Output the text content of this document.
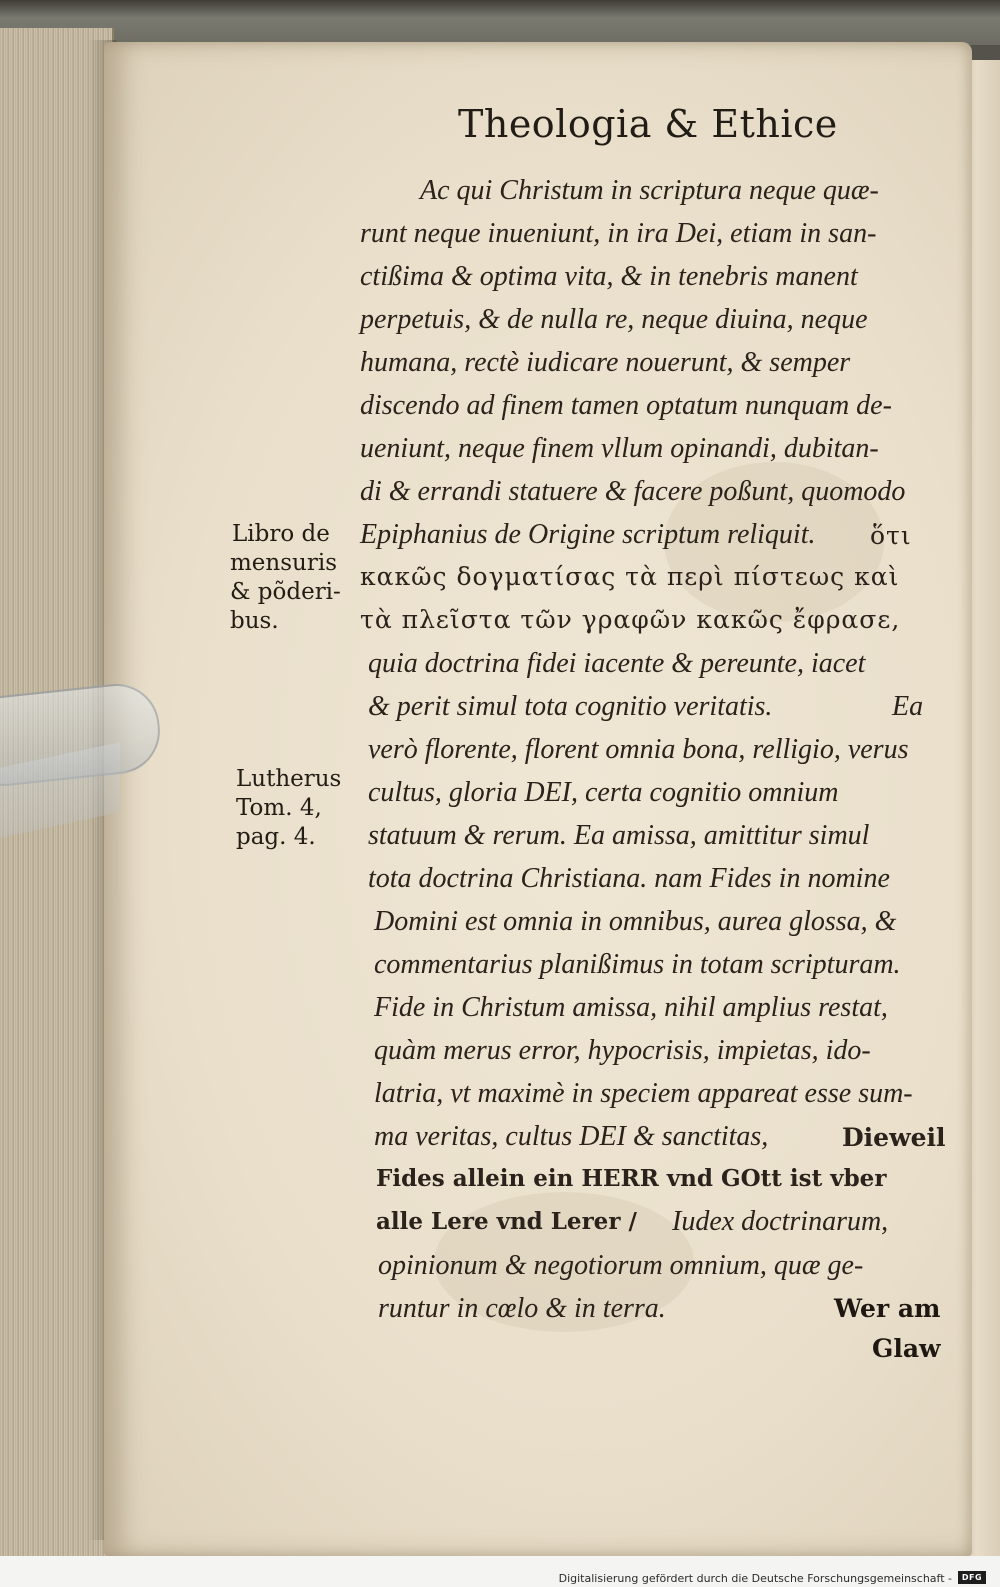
Theologia & Ethice
Ac qui Christum in scriptura neque quæ-
runt neque inueniunt, in ira Dei, etiam in san-
ctißima & optima vita, & in tenebris manent
perpetuis, & de nulla re, neque diuina, neque
humana, rectè iudicare nouerunt, & semper
discendo ad finem tamen optatum nunquam de-
ueniunt, neque finem vllum opinandi, dubitan-
di & errandi statuere & facere poßunt, quomodo
Epiphanius de Origine scriptum reliquit. ὅτι
κακῶς δογματίσας τὰ περὶ πίστεως καὶ
τὰ πλεῖστα τῶν γραφῶν κακῶς ἔφρασε,
quia doctrina fidei iacente & pereunte, iacet
& perit simul tota cognitio veritatis.	Ea
verò florente, florent omnia bona, relligio, verus
cultus, gloria DEI, certa cognitio omnium
statuum & rerum. Ea amissa, amittitur simul
tota doctrina Christiana. nam Fides in nomine
Domini est omnia in omnibus, aurea glossa, &
commentarius planißimus in totam scripturam.
Fide in Christum amissa, nihil amplius restat,
quàm merus error, hypocrisis, impietas, ido-
latria, vt maximè in speciem appareat esse sum-
ma veritas, cultus DEI & sanctitas,	Dieweil
Fides allein ein HERR vnd GOtt ist vber
alle Lere vnd Lerer / Iudex doctrinarum,
opinionum & negotiorum omnium, quæ ge-
runtur in cœlo & in terra.	Wer am
Glaw
Libro de
mensuris
& põderi-
bus.
Lutherus
Tom. 4,
pag. 4.
Digitalisierung gefördert durch die Deutsche Forschungsgemeinschaft -	DFG
